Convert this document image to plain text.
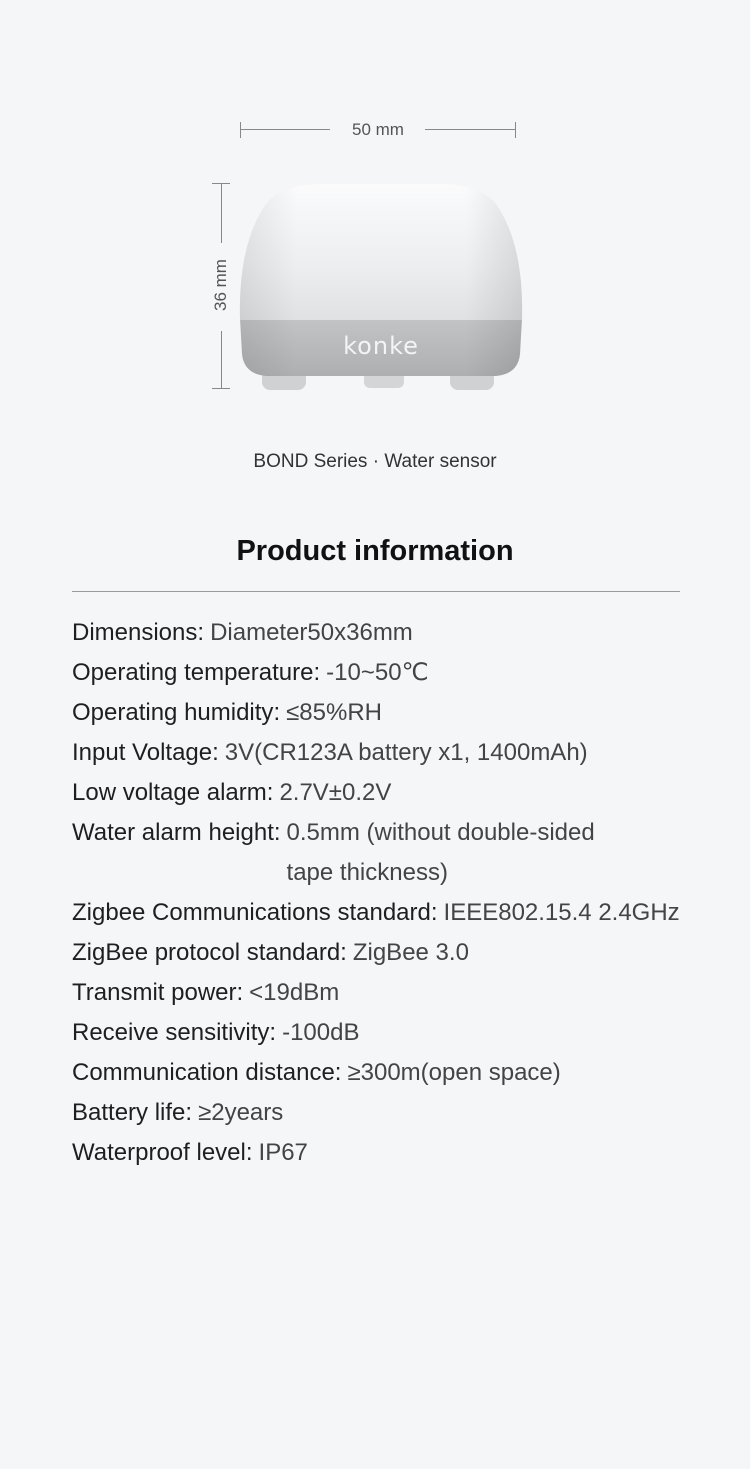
50 mm
36 mm
konke
BOND Series · Water sensor
Product information
Dimensions : Diameter50x36mm
Operating temperature : -10~50℃
Operating humidity : ≤85%RH
Input Voltage : 3V(CR123A battery x1, 1400mAh)
Low voltage alarm : 2.7V±0.2V
Water alarm height : 0.5mm (without double-sided tape thickness)
Zigbee Communications standard : IEEE802.15.4 2.4GHz
ZigBee protocol standard : ZigBee 3.0
Transmit power : <19dBm
Receive sensitivity : -100dB
Communication distance : ≥300m(open space)
Battery life : ≥2years
Waterproof level : IP67
